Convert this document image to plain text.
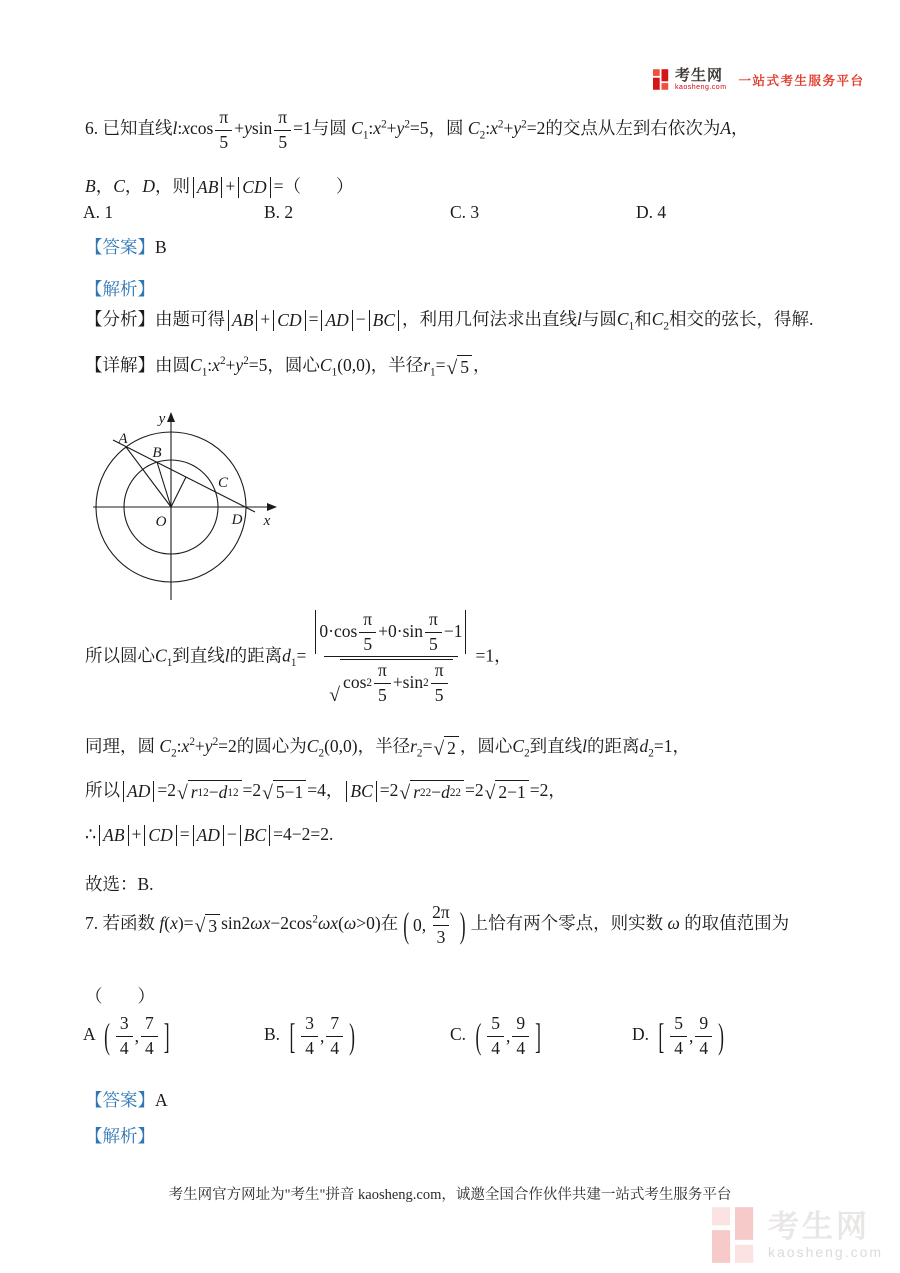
考生网
kaosheng.com 一站式考生服务平台
6. 已知直线l:xcos $\frac{\pi}{5} +ysin \frac{\pi}{5} =1$与圆 $C_1:x^2+y^2=5$，圆 $C_2:x^2+y^2=2$的交点从左到右依次为A，
B，C，D，则 AB + CD =（　　）
A. 1	B. 2	C. 3	D. 4
【答案】B
【解析】
【分析】由题可得 AB + CD = AD − BC ，利用几何法求出直线l与圆$C_1$和$C_2$相交的弦长，得解.
【详解】由圆$C_1:x^2+y^2=5$，圆心$C_1(0,0)$，半径$r_1=$ √ 5 ，
A
B
C
D
O	x
y
所以圆心$C_1$到直线l的距离$d_1= 0\cdot\cos \frac{\pi}{5} +0\cdot\sin \frac{\pi}{5} -1$
√
$\cos 2 \frac{\pi}{5} +\sin$ $2 \frac{\pi}{5} =1$，
同理，圆 $C_2:x^2+y^2=2$的圆心为$C_2(0,0)$，半径$r_2=$ √ 2 ，圆心$C_2$到直线l的距离$d_2=1$，
所以 AD =2 √ r 1 2 − d 1 2 =2 √ 5−1 =4， BC =2 √ r 2 2 − d 2 2 =2 √ 2−1 =2，
∴ AB + CD = AD − BC =4−2=2.
故选：B.
7. 若函数 f(x)= √ 3 $\sin 2\omega x-2\cos^2\omega x(\omega>0)$在 ( 0, $\frac{2\pi}{3}$ ) 上恰有两个零点，则实数 ω 的取值范围为
（　　）
A ( $\frac{3}{4}$ , $\frac{7}{4}$ ]	B. [ $\frac{3}{4}$ , $\frac{7}{4}$ )	C. ( $\frac{5}{4}$ , $\frac{9}{4}$ ]	D. [ $\frac{5}{4}$ , $\frac{9}{4}$ )
【答案】A
【解析】
考生网官方网址为"考生"拼音 kaosheng.com，诚邀全国合作伙伴共建一站式考生服务平台
考生网
kaosheng.com
